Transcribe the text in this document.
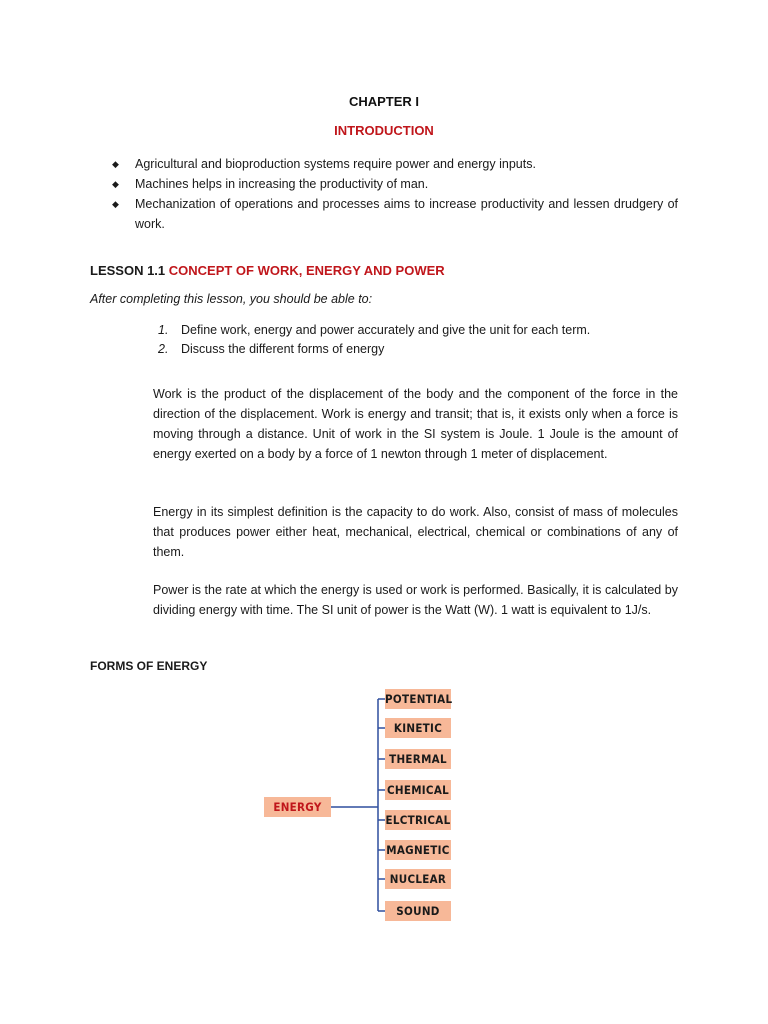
CHAPTER I
INTRODUCTION
◆	Agricultural and bioproduction systems require power and energy inputs.
◆	Machines helps in increasing the productivity of man.
◆	Mechanization of operations and processes aims to increase productivity and lessen drudgery of work.
LESSON 1.1 CONCEPT OF WORK, ENERGY AND POWER
After completing this lesson, you should be able to:
1.	Define work, energy and power accurately and give the unit for each term.
2.	Discuss the different forms of energy
Work is the product of the displacement of the body and the component of the force in the direction of the displacement. Work is energy and transit; that is, it exists only when a force is moving through a distance. Unit of work in the SI system is Joule. 1 Joule is the amount of energy exerted on a body by a force of 1 newton through 1 meter of displacement.
Energy in its simplest definition is the capacity to do work. Also, consist of mass of molecules that produces power either heat, mechanical, electrical, chemical or combinations of any of them.
Power is the rate at which the energy is used or work is performed. Basically, it is calculated by dividing energy with time. The SI unit of power is the Watt (W). 1 watt is equivalent to 1J/s.
FORMS OF ENERGY
ENERGY
POTENTIAL
KINETIC
THERMAL
CHEMICAL
ELCTRICAL
MAGNETIC
NUCLEAR
SOUND
